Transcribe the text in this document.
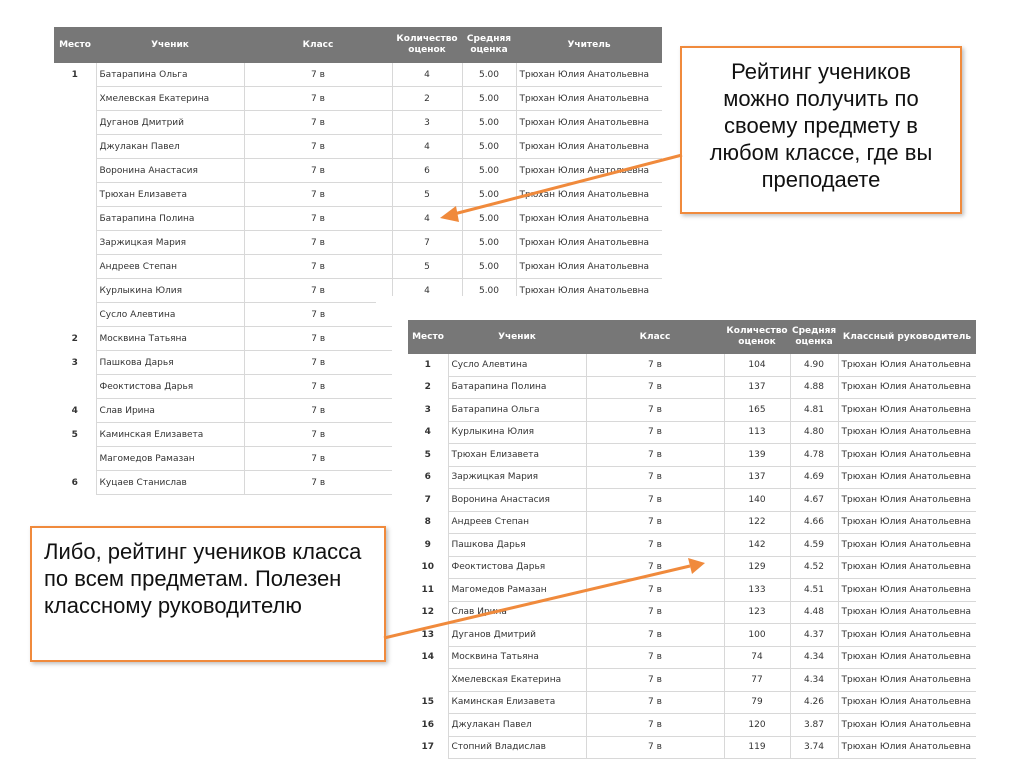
Место	Ученик	Класс	Количество оценок	Средняя оценка	Учитель
1	Батарапина Ольга	7 в	4	5.00	Трюхан Юлия Анатольевна
	Хмелевская Екатерина	7 в	2	5.00	Трюхан Юлия Анатольевна
	Дуганов Дмитрий	7 в	3	5.00	Трюхан Юлия Анатольевна
	Джулакан Павел	7 в	4	5.00	Трюхан Юлия Анатольевна
	Воронина Анастасия	7 в	6	5.00	Трюхан Юлия Анатольевна
	Трюхан Елизавета	7 в	5	5.00	Трюхан Юлия Анатольевна
	Батарапина Полина	7 в	4	5.00	Трюхан Юлия Анатольевна
	Заржицкая Мария	7 в	7	5.00	Трюхан Юлия Анатольевна
	Андреев Степан	7 в	5	5.00	Трюхан Юлия Анатольевна
	Курлыкина Юлия	7 в	4	5.00	Трюхан Юлия Анатольевна
	Сусло Алевтина	7 в			
2	Москвина Татьяна	7 в			
3	Пашкова Дарья	7 в			
	Феоктистова Дарья	7 в			
4	Слав Ирина	7 в			
5	Каминская Елизавета	7 в			
	Магомедов Рамазан	7 в			
6	Куцаев Станислав	7 в			
Место	Ученик	Класс	Количество оценок	Средняя оценка	Классный руководитель
1	Сусло Алевтина	7 в	104	4.90	Трюхан Юлия Анатольевна
2	Батарапина Полина	7 в	137	4.88	Трюхан Юлия Анатольевна
3	Батарапина Ольга	7 в	165	4.81	Трюхан Юлия Анатольевна
4	Курлыкина Юлия	7 в	113	4.80	Трюхан Юлия Анатольевна
5	Трюхан Елизавета	7 в	139	4.78	Трюхан Юлия Анатольевна
6	Заржицкая Мария	7 в	137	4.69	Трюхан Юлия Анатольевна
7	Воронина Анастасия	7 в	140	4.67	Трюхан Юлия Анатольевна
8	Андреев Степан	7 в	122	4.66	Трюхан Юлия Анатольевна
9	Пашкова Дарья	7 в	142	4.59	Трюхан Юлия Анатольевна
10	Феоктистова Дарья	7 в	129	4.52	Трюхан Юлия Анатольевна
11	Магомедов Рамазан	7 в	133	4.51	Трюхан Юлия Анатольевна
12	Слав Ирина	7 в	123	4.48	Трюхан Юлия Анатольевна
13	Дуганов Дмитрий	7 в	100	4.37	Трюхан Юлия Анатольевна
14	Москвина Татьяна	7 в	74	4.34	Трюхан Юлия Анатольевна
	Хмелевская Екатерина	7 в	77	4.34	Трюхан Юлия Анатольевна
15	Каминская Елизавета	7 в	79	4.26	Трюхан Юлия Анатольевна
16	Джулакан Павел	7 в	120	3.87	Трюхан Юлия Анатольевна
17	Стопний Владислав	7 в	119	3.74	Трюхан Юлия Анатольевна
Рейтинг учеников можно получить по своему предмету в любом классе, где вы преподаете
Либо, рейтинг учеников класса по всем предметам. Полезен классному руководителю
